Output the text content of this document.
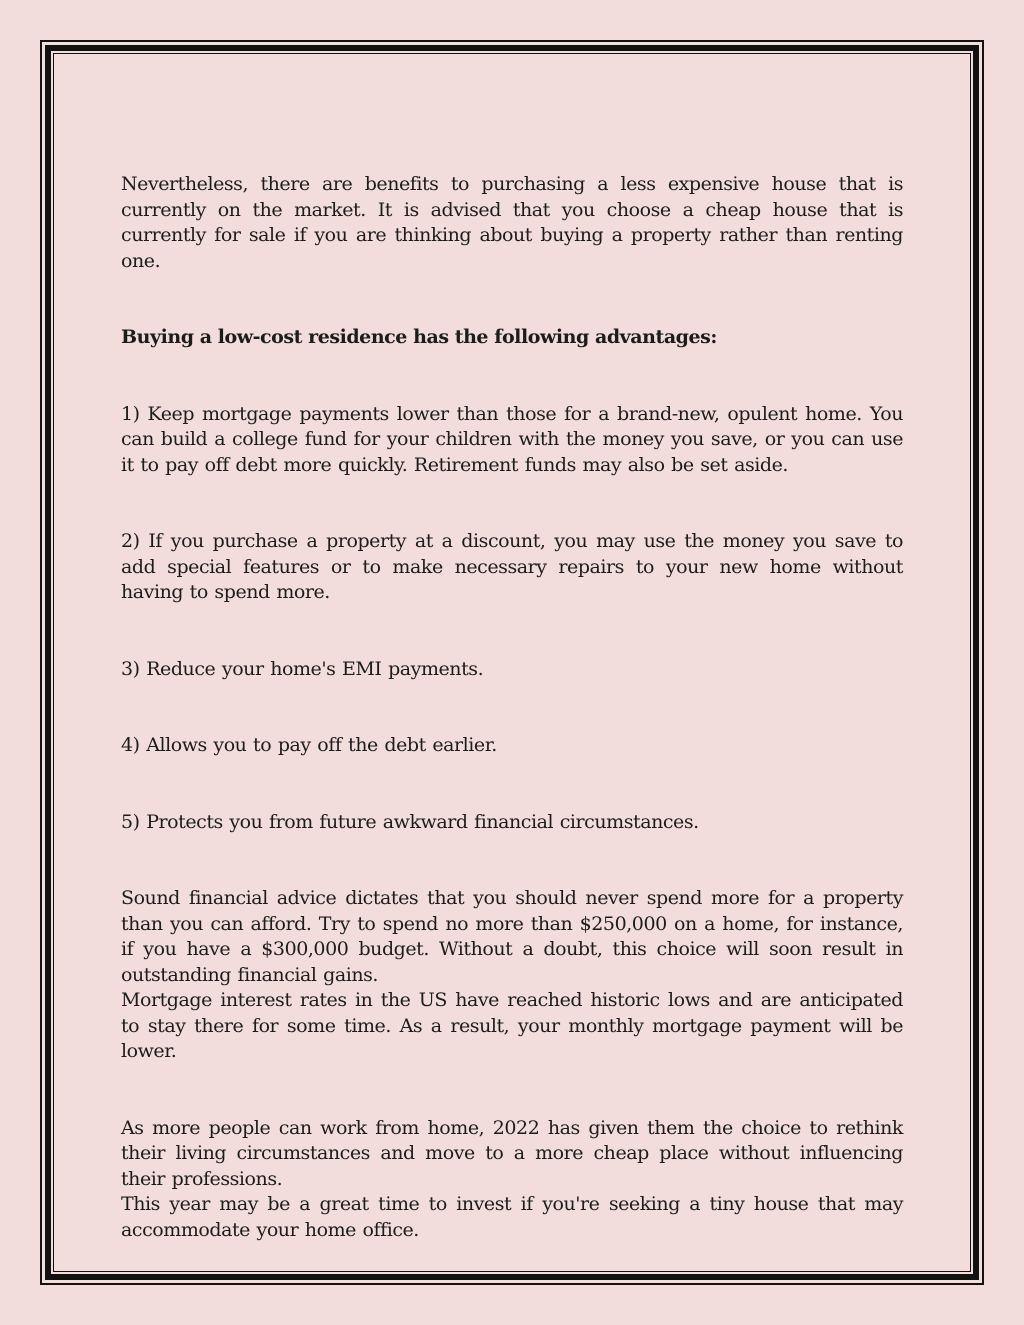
Nevertheless, there are benefits to purchasing a less expensive house that is currently on the market. It is advised that you choose a cheap house that is currently for sale if you are thinking about buying a property rather than renting one.

Buying a low-cost residence has the following advantages:

1) Keep mortgage payments lower than those for a brand-new, opulent home. You can build a college fund for your children with the money you save, or you can use it to pay off debt more quickly. Retirement funds may also be set aside.

2) If you purchase a property at a discount, you may use the money you save to add special features or to make necessary repairs to your new home without having to spend more.

3) Reduce your home's EMI payments.

4) Allows you to pay off the debt earlier.

5) Protects you from future awkward financial circumstances.

Sound financial advice dictates that you should never spend more for a property than you can afford. Try to spend no more than $250,000 on a home, for instance, if you have a $300,000 budget. Without a doubt, this choice will soon result in outstanding financial gains.

Mortgage interest rates in the US have reached historic lows and are anticipated to stay there for some time. As a result, your monthly mortgage payment will be lower.

As more people can work from home, 2022 has given them the choice to rethink their living circumstances and move to a more cheap place without influencing their professions.

This year may be a great time to invest if you're seeking a tiny house that may accommodate your home office.
